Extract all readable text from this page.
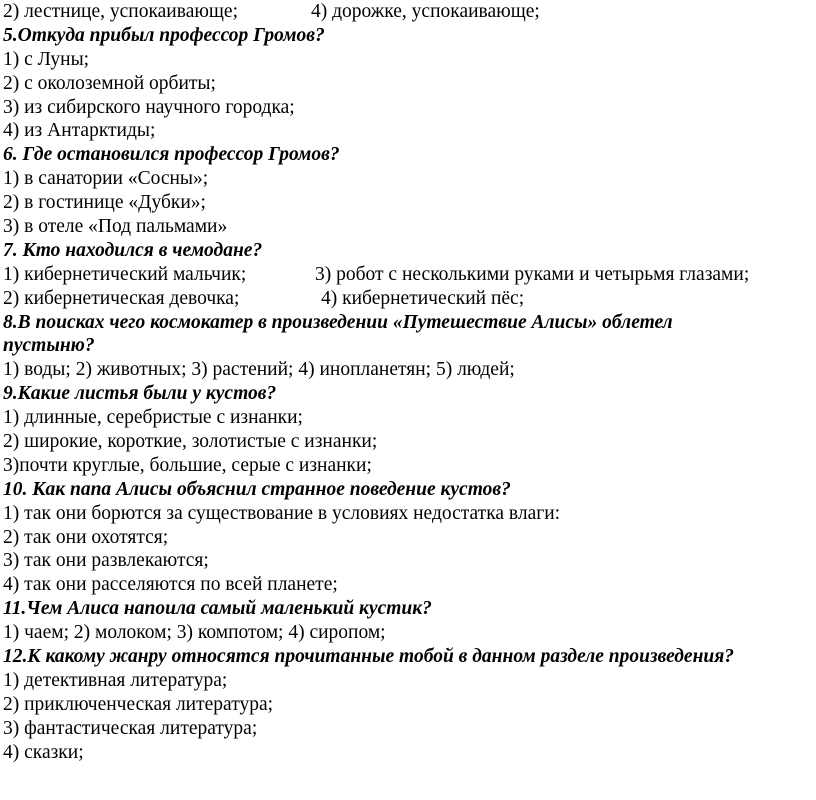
2) лестнице, успокаивающе;	4) дорожке, успокаивающе;
5.Откуда прибыл профессор Громов?
1) с Луны;
2) с околоземной орбиты;
3) из сибирского научного городка;
4) из Антарктиды;
6. Где остановился профессор Громов?
1) в санатории «Сосны»;
2) в гостинице «Дубки»;
3) в отеле «Под пальмами»
7. Кто находился в чемодане?
1) кибернетический мальчик;	3) робот с несколькими руками и четырьмя глазами;
2) кибернетическая девочка;	4) кибернетический пёс;
8.В поисках чего космокатер в произведении «Путешествие Алисы» облетел
пустыню?
1) воды; 2) животных; 3) растений; 4) инопланетян; 5) людей;
9.Какие листья были у кустов?
1) длинные, серебристые с изнанки;
2) широкие, короткие, золотистые с изнанки;
3)почти круглые, большие, серые с изнанки;
10. Как папа Алисы объяснил странное поведение кустов?
1) так они борются за существование в условиях недостатка влаги:
2) так они охотятся;
3) так они развлекаются;
4) так они расселяются по всей планете;
11.Чем Алиса напоила самый маленький кустик?
1) чаем; 2) молоком; 3) компотом; 4) сиропом;
12.К какому жанру относятся прочитанные тобой в данном разделе произведения?
1) детективная литература;
2) приключенческая литература;
3) фантастическая литература;
4) сказки;
